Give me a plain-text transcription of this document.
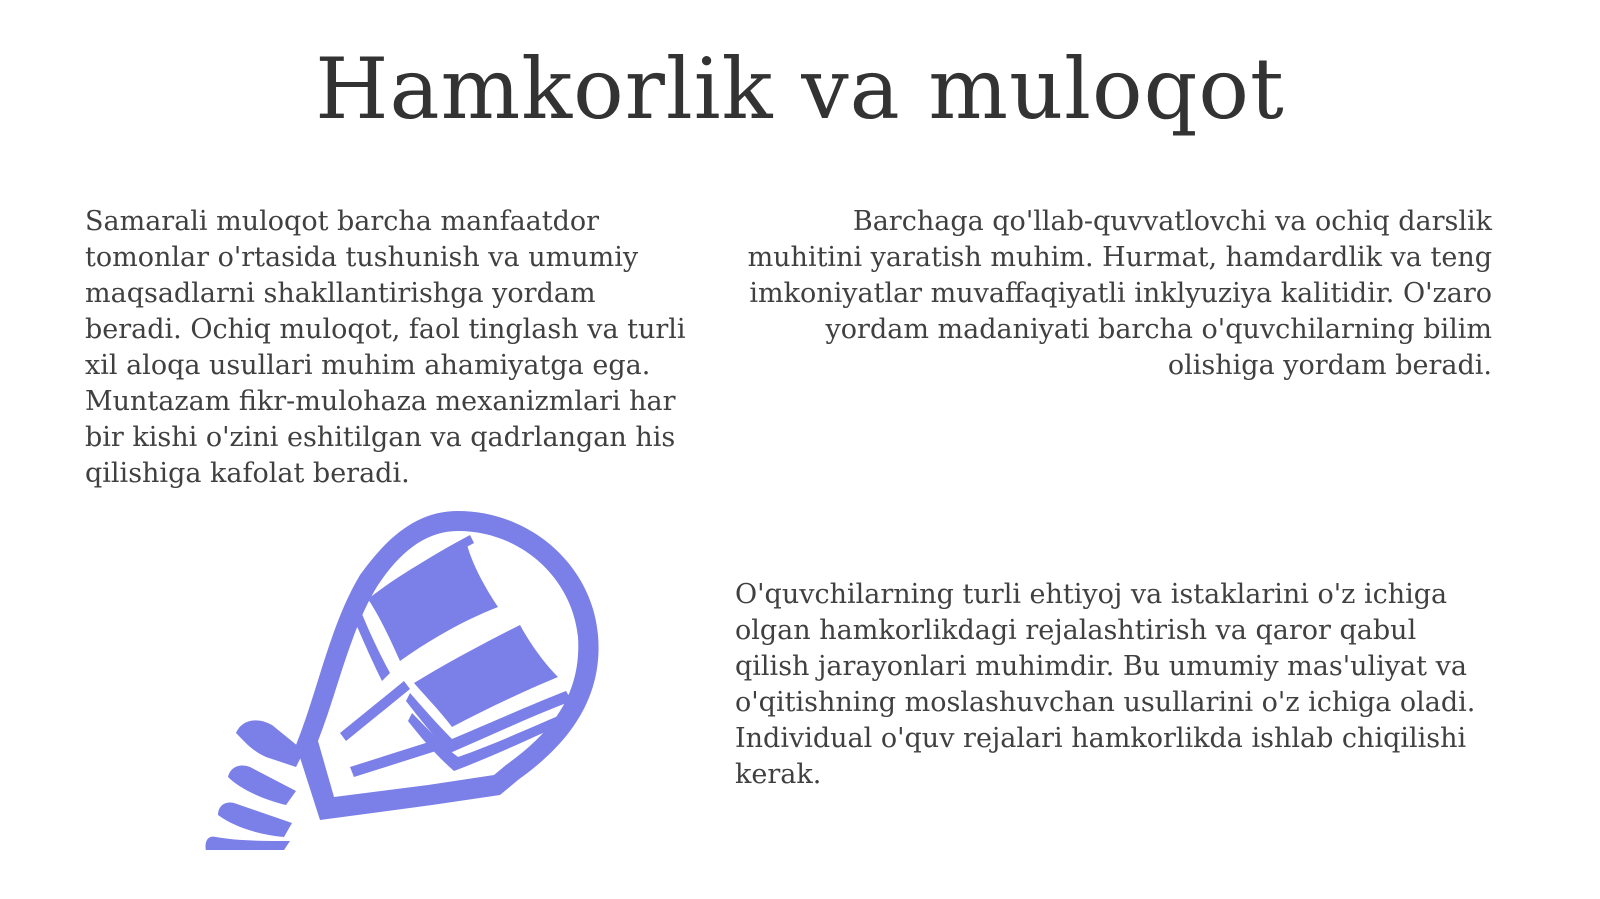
Hamkorlik va muloqot

Samarali muloqot barcha manfaatdor tomonlar o'rtasida tushunish va umumiy maqsadlarni shakllantirishga yordam beradi. Ochiq muloqot, faol tinglash va turli xil aloqa usullari muhim ahamiyatga ega. Muntazam fikr-mulohaza mexanizmlari har bir kishi o'zini eshitilgan va qadrlangan his qilishiga kafolat beradi.

Barchaga qo'llab-quvvatlovchi va ochiq darslik muhitini yaratish muhim. Hurmat, hamdardlik va teng imkoniyatlar muvaffaqiyatli inklyuziya kalitidir. O'zaro yordam madaniyati barcha o'quvchilarning bilim olishiga yordam beradi.

O'quvchilarning turli ehtiyoj va istaklarini o'z ichiga olgan hamkorlikdagi rejalashtirish va qaror qabul qilish jarayonlari muhimdir. Bu umumiy mas'uliyat va o'qitishning moslashuvchan usullarini o'z ichiga oladi. Individual o'quv rejalari hamkorlikda ishlab chiqilishi kerak.
